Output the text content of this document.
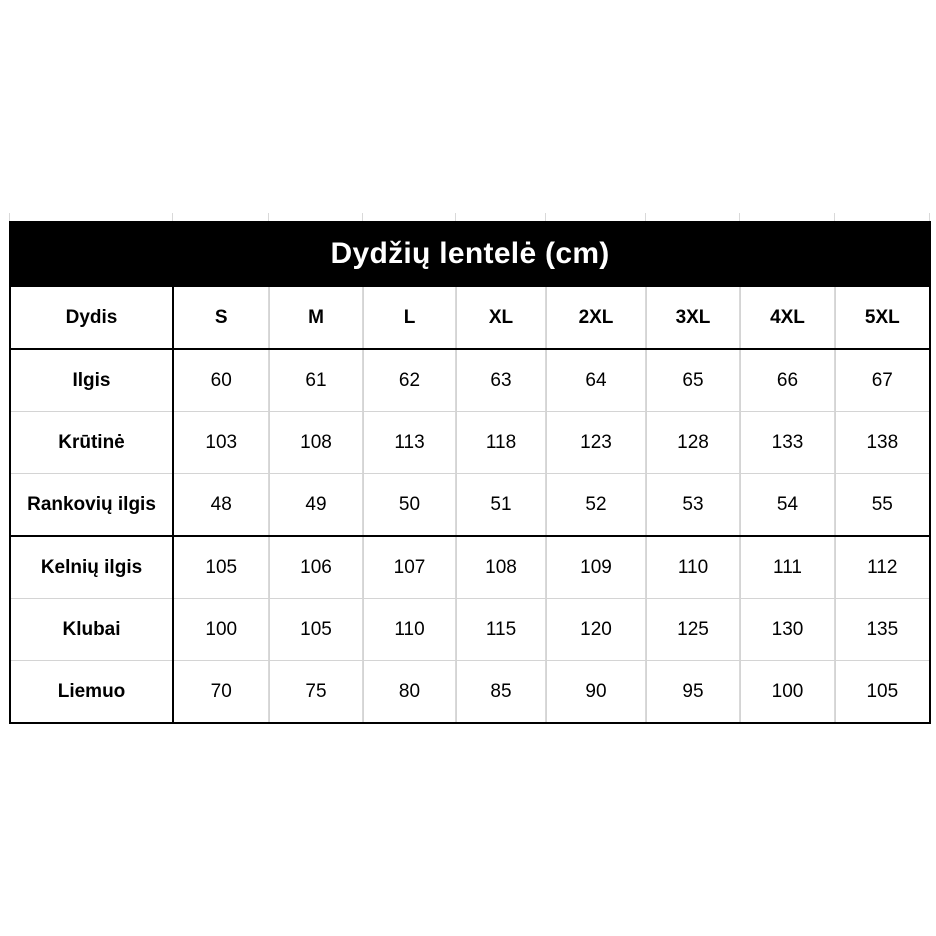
Dydžių lentelė (cm)								
Dydis	S	M	L	XL	2XL	3XL	4XL	5XL
Ilgis	60	61	62	63	64	65	66	67
Krūtinė	103	108	113	118	123	128	133	138
Rankovių ilgis	48	49	50	51	52	53	54	55
Kelnių ilgis	105	106	107	108	109	110	111	112
Klubai	100	105	110	115	120	125	130	135
Liemuo	70	75	80	85	90	95	100	105
